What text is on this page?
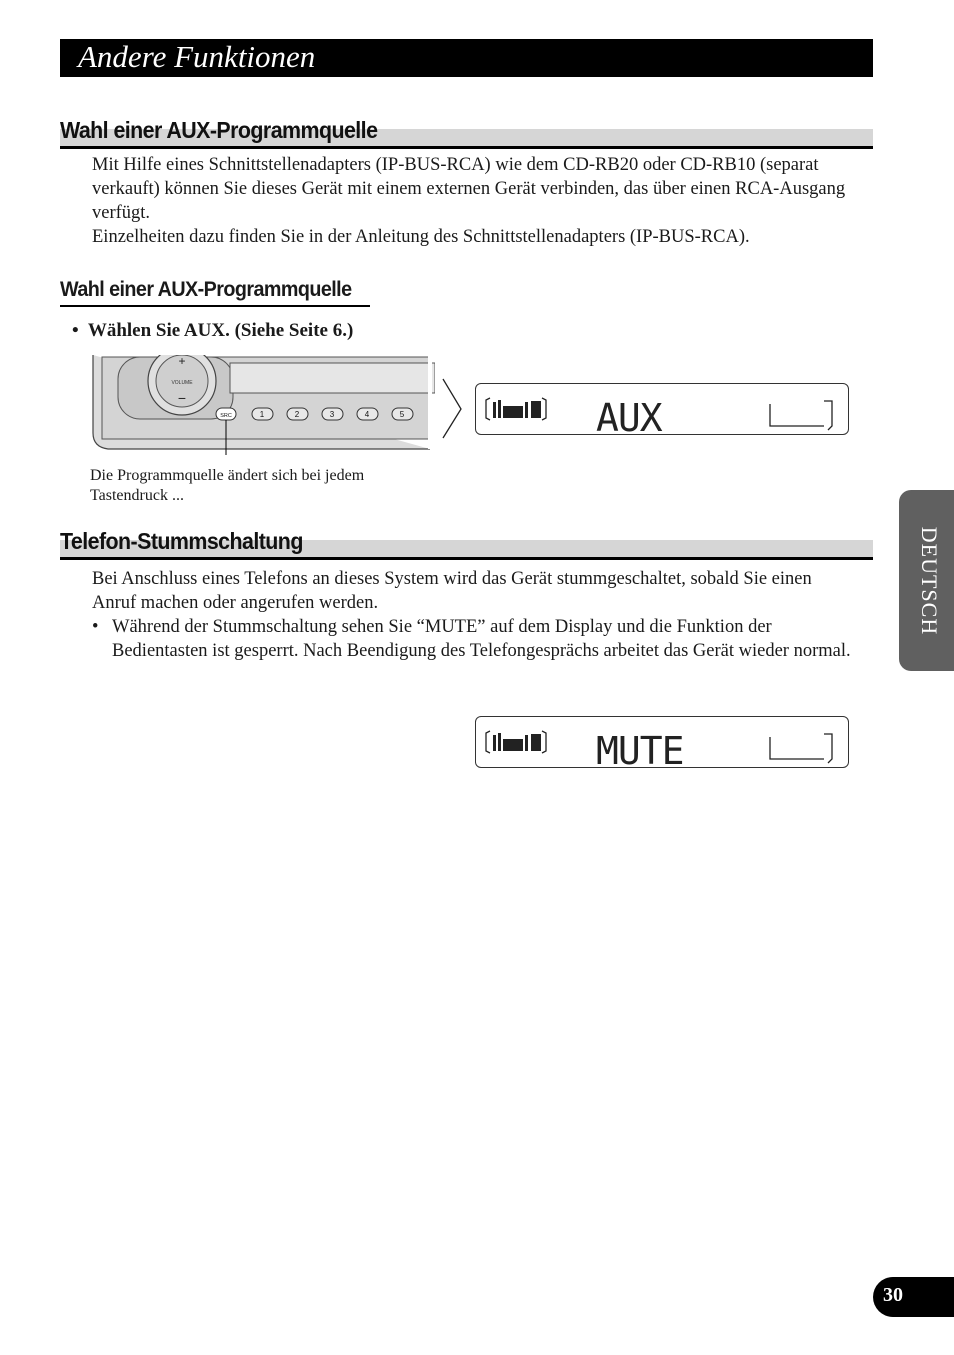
Andere Funktionen
Wahl einer AUX-Programmquelle

Mit Hilfe eines Schnittstellenadapters (IP-BUS-RCA) wie dem CD-RB20 oder CD-RB10 (separat verkauft) können Sie dieses Gerät mit einem externen Gerät verbinden, das über einen RCA-Ausgang verfügt.

Einzelheiten dazu finden Sie in der Anleitung des Schnittstellenadapters (IP-BUS-RCA).

Wahl einer AUX-Programmquelle
• Wählen Sie AUX. (Siehe Seite 6.)
VOLUME
+
−
SRC	1	2	3	4	5
Die Programmquelle ändert sich bei jedem Tastendruck ...
AUX
Telefon-Stummschaltung

Bei Anschluss eines Telefons an dieses System wird das Gerät stummgeschaltet, sobald Sie einen Anruf machen oder angerufen werden.

• Während der Stummschaltung sehen Sie “MUTE” auf dem Display und die Funktion der Bedientasten ist gesperrt. Nach Beendigung des Telefongesprächs arbeitet das Gerät wieder normal.
MUTE
DEUTSCH
30
